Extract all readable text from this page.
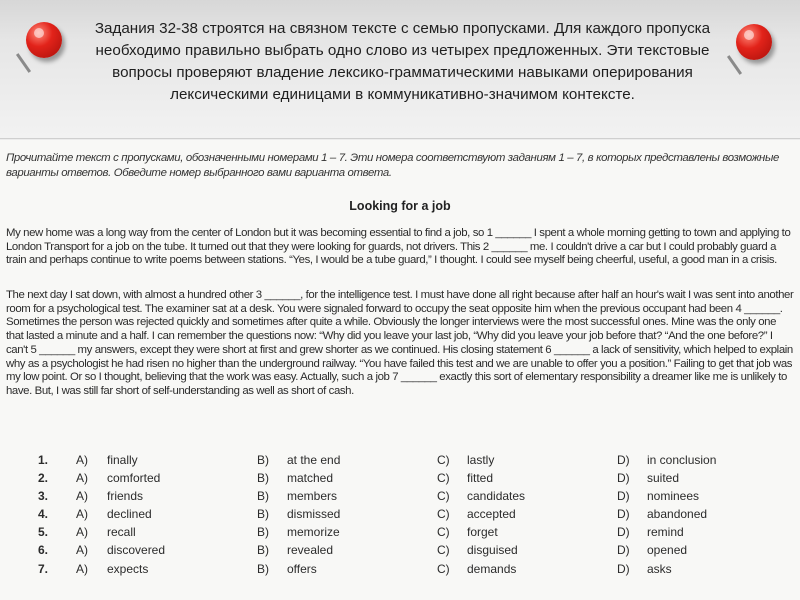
Задания 32-38 строятся на связном тексте с семью пропусками. Для каждого пропуска необходимо правильно выбрать одно слово из четырех предложенных. Эти текстовые вопросы проверяют владение лексико-грамматическими навыками оперирования лексическими единицами в коммуникативно-значимом контексте.
Прочитайте текст с пропусками, обозначенными номерами 1 – 7. Эти номера соответствуют заданиям 1 – 7, в которых представлены возможные варианты ответов. Обведите номер выбранного вами варианта ответа.
Looking for a job
My new home was a long way from the center of London but it was becoming essential to find a job, so 1 ______ I spent a whole morning getting to town and applying to London Transport for a job on the tube. It turned out that they were looking for guards, not drivers. This 2 ______ me. I couldn't drive a car but I could probably guard a train and perhaps continue to write poems between stations. “Yes, I would be a tube guard,” I thought. I could see myself being cheerful, useful, a good man in a crisis.
The next day I sat down, with almost a hundred other 3 ______, for the intelligence test. I must have done all right because after half an hour's wait I was sent into another room for a psychological test. The examiner sat at a desk. You were signaled forward to occupy the seat opposite him when the previous occupant had been 4 ______. Sometimes the person was rejected quickly and sometimes after quite a while. Obviously the longer interviews were the most successful ones. Mine was the only one that lasted a minute and a half. I can remember the questions now: “Why did you leave your last job, “Why did you leave your job before that? “And the one before?” I can't 5 ______ my answers, except they were short at first and grew shorter as we continued. His closing statement 6 ______ a lack of sensitivity, which helped to explain why as a psychologist he had risen no higher than the underground railway. “You have failed this test and we are unable to offer you a position.” Failing to get that job was my low point. Or so I thought, believing that the work was easy. Actually, such a job 7 ______ exactly this sort of elementary responsibility a dreamer like me is unlikely to have. But, I was still far short of self-understanding as well as short of cash.
1. A) finally	B) at the end	C) lastly	D) in conclusion
2. A) comforted	B) matched	C) fitted	D) suited
3. A) friends	B) members	C) candidates	D) nominees
4. A) declined	B) dismissed	C) accepted	D) abandoned
5. A) recall	B) memorize	C) forget	D) remind
6. A) discovered	B) revealed	C) disguised	D) opened
7. A) expects	B) offers	C) demands	D) asks
